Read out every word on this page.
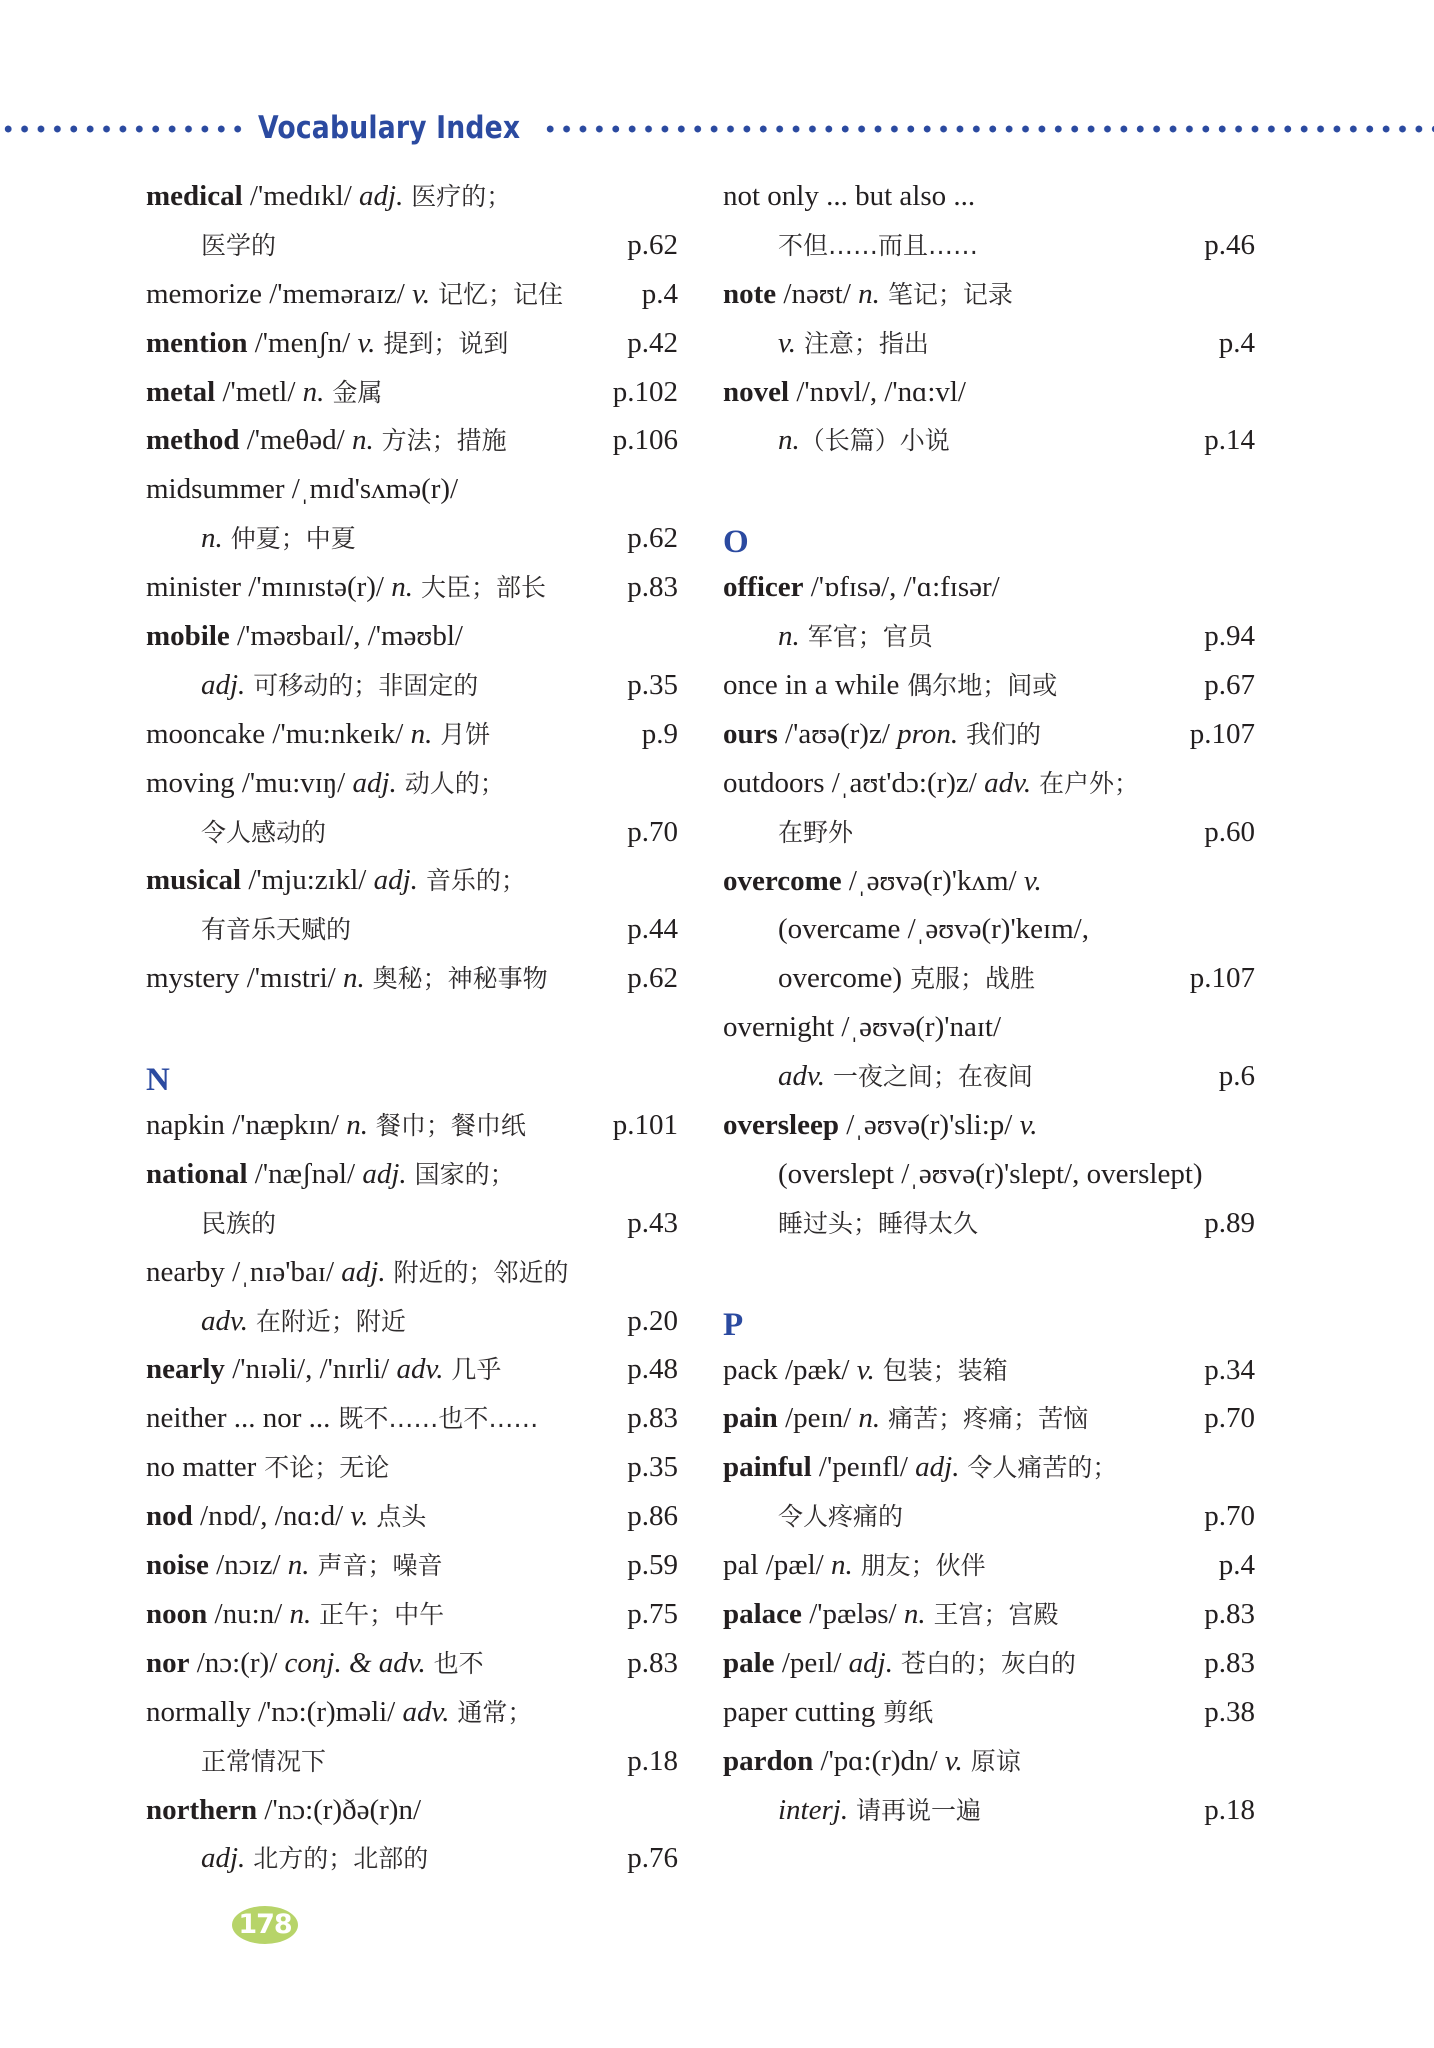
Vocabulary Index
medical /'medɪkl/ adj. 医疗的；
医学的	p.62
memorize /'meməraɪz/ v. 记忆；记住	p.4
mention /'menʃn/ v. 提到；说到	p.42
metal /'metl/ n. 金属	p.102
method /'meθəd/ n. 方法；措施	p.106
midsummer /ˌmɪd'sʌmə(r)/
n. 仲夏；中夏	p.62
minister /'mɪnɪstə(r)/ n. 大臣；部长	p.83
mobile /'məʊbaɪl/, /'məʊbl/
adj. 可移动的；非固定的	p.35
mooncake /'mu:nkeɪk/ n. 月饼	p.9
moving /'mu:vɪŋ/ adj. 动人的；
令人感动的	p.70
musical /'mju:zɪkl/ adj. 音乐的；
有音乐天赋的	p.44
mystery /'mɪstri/ n. 奥秘；神秘事物	p.62
N
napkin /'næpkɪn/ n. 餐巾；餐巾纸	p.101
national /'næʃnəl/ adj. 国家的；
民族的	p.43
nearby /ˌnɪə'baɪ/ adj. 附近的；邻近的
adv. 在附近；附近	p.20
nearly /'nɪəli/, /'nɪrli/ adv. 几乎	p.48
neither ... nor ... 既不……也不……	p.83
no matter 不论；无论	p.35
nod /nɒd/, /nɑ:d/ v. 点头	p.86
noise /nɔɪz/ n. 声音；噪音	p.59
noon /nu:n/ n. 正午；中午	p.75
nor /nɔ:(r)/ conj. & adv. 也不	p.83
normally /'nɔ:(r)məli/ adv. 通常；
正常情况下	p.18
northern /'nɔ:(r)ðə(r)n/
adj. 北方的；北部的	p.76
not only ... but also ...
不但……而且……	p.46
note /nəʊt/ n. 笔记；记录
v. 注意；指出	p.4
novel /'nɒvl/, /'nɑ:vl/
n.（长篇）小说	p.14
O
officer /'ɒfɪsə/, /'ɑ:fɪsər/
n. 军官；官员	p.94
once in a while 偶尔地；间或	p.67
ours /'aʊə(r)z/ pron. 我们的	p.107
outdoors /ˌaʊt'dɔ:(r)z/ adv. 在户外；
在野外	p.60
overcome /ˌəʊvə(r)'kʌm/ v.
(overcame /ˌəʊvə(r)'keɪm/,
overcome) 克服；战胜	p.107
overnight /ˌəʊvə(r)'naɪt/
adv. 一夜之间；在夜间	p.6
oversleep /ˌəʊvə(r)'sli:p/ v.
(overslept /ˌəʊvə(r)'slept/, overslept)
睡过头；睡得太久	p.89
P
pack /pæk/ v. 包装；装箱	p.34
pain /peɪn/ n. 痛苦；疼痛；苦恼	p.70
painful /'peɪnfl/ adj. 令人痛苦的；
令人疼痛的	p.70
pal /pæl/ n. 朋友；伙伴	p.4
palace /'pæləs/ n. 王宫；宫殿	p.83
pale /peɪl/ adj. 苍白的；灰白的	p.83
paper cutting 剪纸	p.38
pardon /'pɑ:(r)dn/ v. 原谅
interj. 请再说一遍	p.18
178
